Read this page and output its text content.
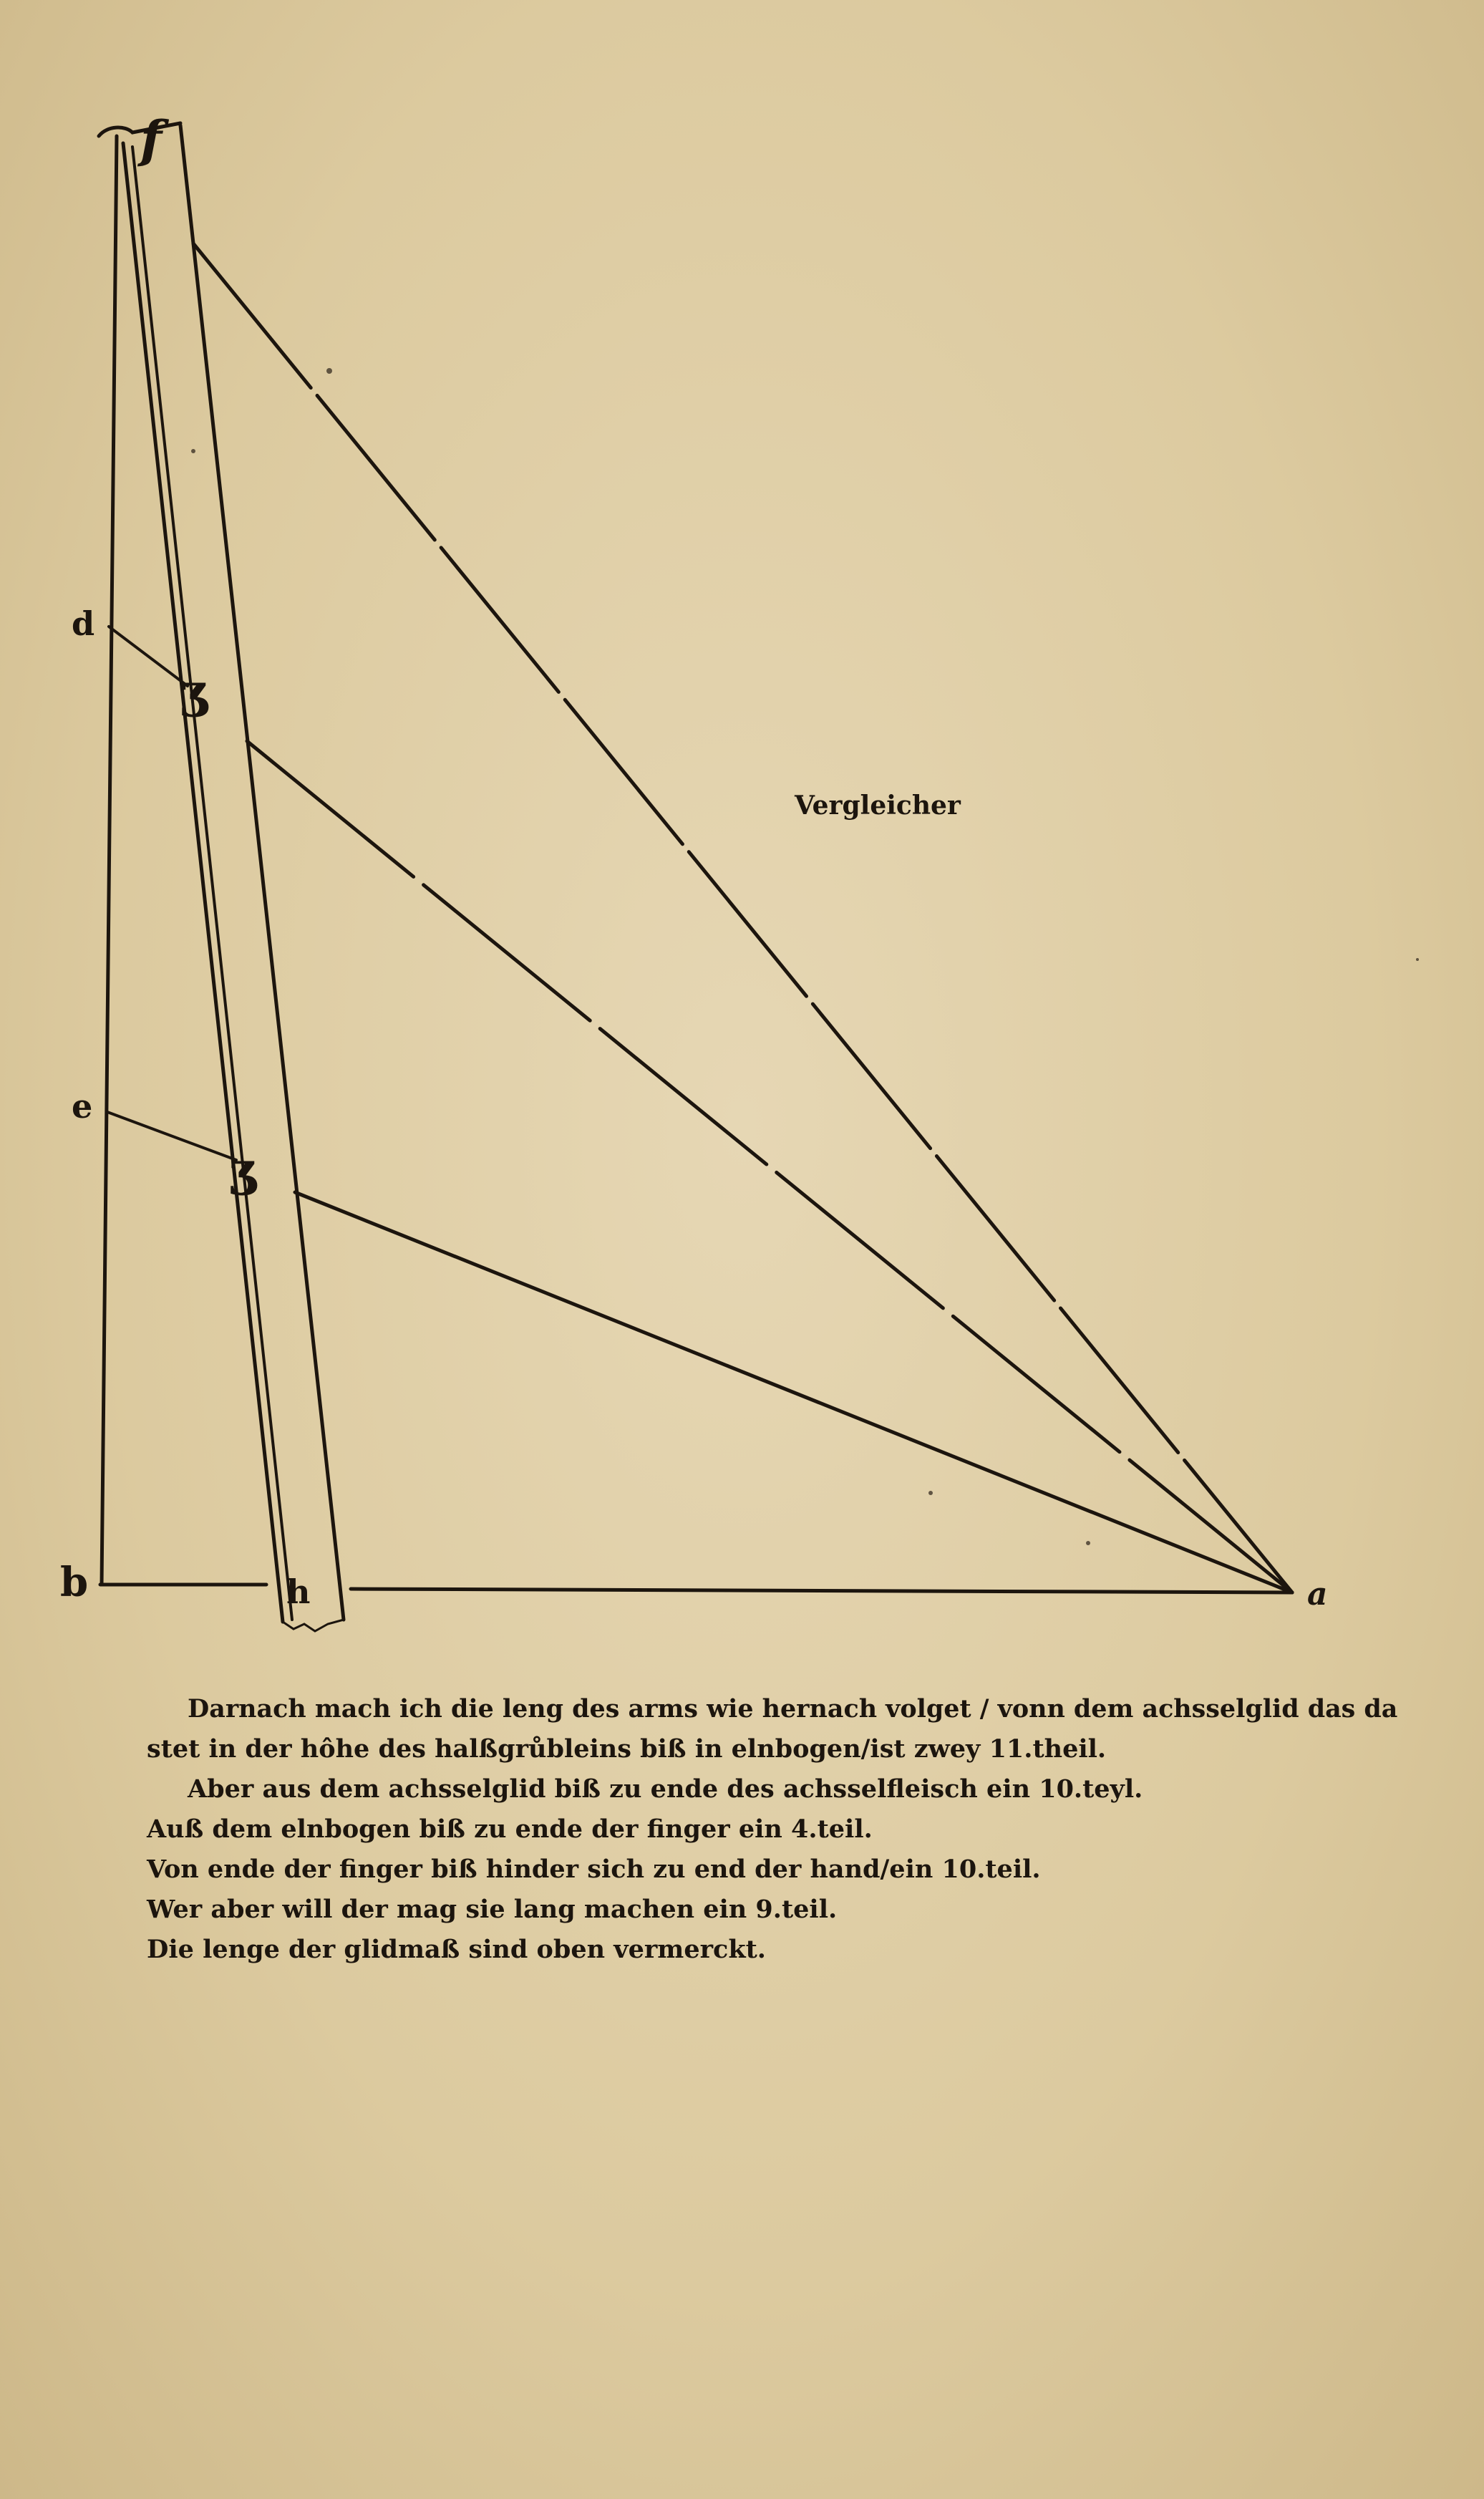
f
d
ʒ
e
ʒ
b	h	a
Vergleicher
Darnach mach ich die leng des arms wie hernach volget / vonn dem achsselglid das da
stet in der hôhe des halßgrůbleins biß in elnbogen/ist zwey 11.theil.
Aber aus dem achsselglid biß zu ende des achsselfleisch ein 10.teyl.
Auß dem elnbogen biß zu ende der finger ein 4.teil.
Von ende der finger biß hinder sich zu end der hand/ein 10.teil.
Wer aber will der mag sie lang machen ein 9.teil.
Die lenge der glidmaß sind oben vermerckt.
